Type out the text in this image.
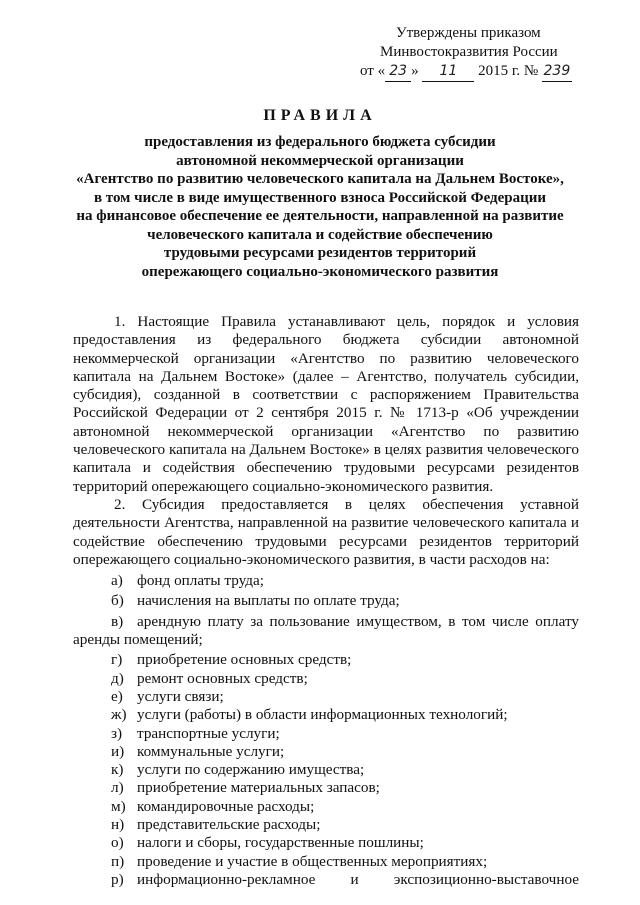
Утверждены приказом
Минвостокразвития России
от « 23 » 11 2015 г. № 239
ПРАВИЛА
предоставления из федерального бюджета субсидии
автономной некоммерческой организации
«Агентство по развитию человеческого капитала на Дальнем Востоке»,
в том числе в виде имущественного взноса Российской Федерации
на финансовое обеспечение ее деятельности, направленной на развитие
человеческого капитала и содействие обеспечению
трудовыми ресурсами резидентов территорий
опережающего социально-экономического развития

1. Настоящие Правила устанавливают цель, порядок и условия предоставления из федерального бюджета субсидии автономной некоммерческой организации «Агентство по развитию человеческого капитала на Дальнем Востоке» (далее – Агентство, получатель субсидии, субсидия), созданной в соответствии с распоряжением Правительства Российской Федерации от 2 сентября 2015 г. № 1713-р «Об учреждении автономной некоммерческой организации «Агентство по развитию человеческого капитала на Дальнем Востоке» в целях развития человеческого капитала и содействия обеспечению трудовыми ресурсами резидентов территорий опережающего социально-экономического развития.

2. Субсидия предоставляется в целях обеспечения уставной деятельности Агентства, направленной на развитие человеческого капитала и содействие обеспечению трудовыми ресурсами резидентов территорий опережающего социально-экономического развития, в части расходов на:

а) фонд оплаты труда;

б) начисления на выплаты по оплате труда;

в) арендную плату за пользование имуществом, в том числе оплату аренды помещений;

г) приобретение основных средств;

д) ремонт основных средств;

е) услуги связи;

ж) услуги (работы) в области информационных технологий;

з) транспортные услуги;

и) коммунальные услуги;

к) услуги по содержанию имущества;

л) приобретение материальных запасов;

м) командировочные расходы;

н) представительские расходы;

о) налоги и сборы, государственные пошлины;

п) проведение и участие в общественных мероприятиях;

р) информационно-рекламное и экспозиционно-выставочное
